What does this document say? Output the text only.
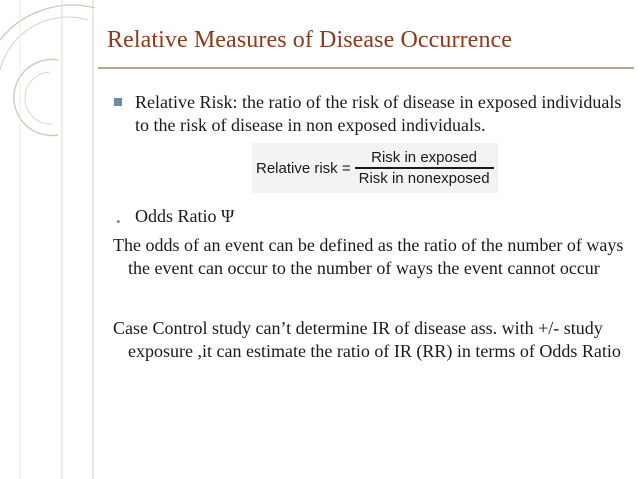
Relative Measures of Disease Occurrence
Relative Risk: the ratio of the risk of disease in exposed individuals to the risk of disease in non exposed individuals.
Relative risk = $\frac{\text{Risk in exposed}}{\text{Risk in nonexposed}}$
• Odds Ratio Ψ
The odds of an event can be defined as the ratio of the number of ways the event can occur to the number of ways the event cannot occur
Case Control study can’t determine IR of disease ass. with +/- study exposure ,it can estimate the ratio of IR (RR) in terms of Odds Ratio
